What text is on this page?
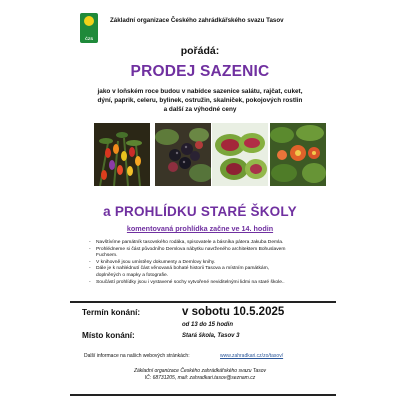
ČZS
Základní organizace Českého zahrádkářského svazu Tasov
pořádá:
PRODEJ SAZENIC
jako v loňském roce budou v nabídce sazenice salátu, rajčat, cuket,
dýní, paprik, celeru, bylinek, ostružin, skalniček, pokojových rostlin
a další za výhodné ceny
a PROHLÍDKU STARÉ ŠKOLY
komentovaná prohlídka začne ve 14. hodin
- Navštívíme památník tasovského rodáka, spisovatele a básníka pátera Jakuba Demla.
- Prohlédneme si část původního Demlova nábytku navrženého architektem Bohuslavem
Fuchsem.
- V knihovně jsou umístěny dokumenty a Demlovy knihy.
- Dále je k nahlédnutí část věnovaná bohaté historii Tasova a místním památkám,
doplněných o mapky a fotografie.
- Součástí prohlídky jsou i vystavené sochy vytvořené neviditelnými lidmi na staré škole..
Termín konání:	v sobotu 10.5.2025
od 13 do 15 hodin
Místo konání:	Stará škola, Tasov 3
Další informace na našich webových stránkách:	www.zahradkari.cz/zo/tasov/
Základní organizace Českého zahrádkářského svazu Tasov
IČ: 68731205, mail: zahradkari.tasov@seznam.cz
